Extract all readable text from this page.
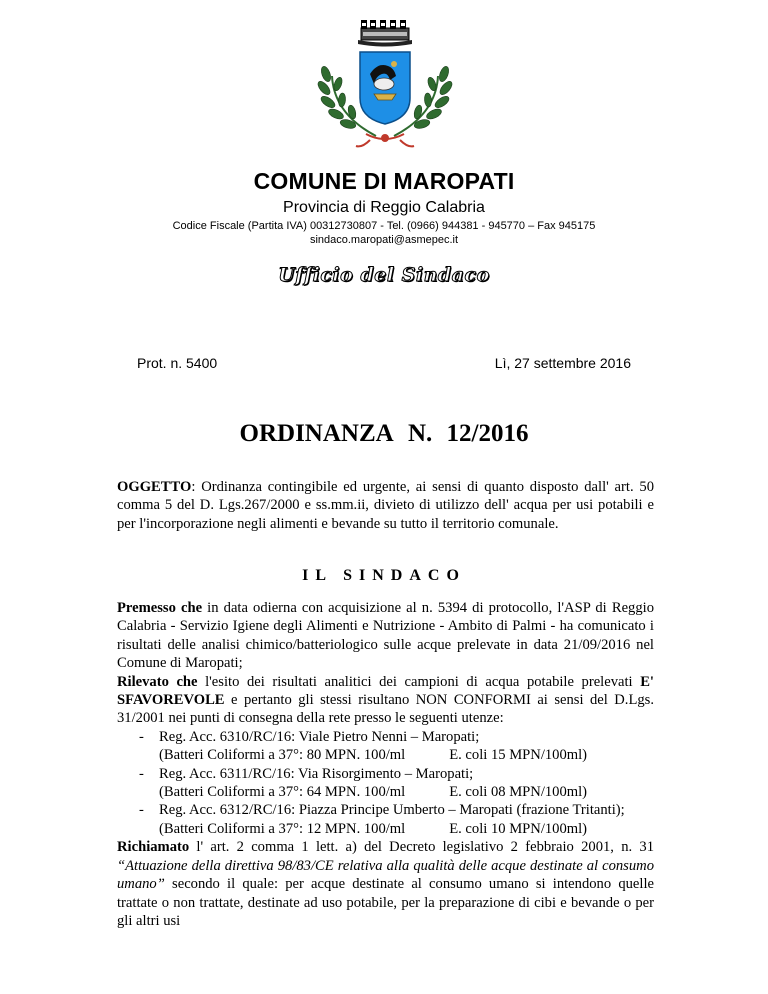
COMUNE DI MAROPATI
Provincia di Reggio Calabria
Codice Fiscale (Partita IVA) 00312730807 - Tel. (0966) 944381 - 945770 – Fax 945175
sindaco.maropati@asmepec.it
Ufficio del Sindaco
Prot. n. 5400	Lì, 27 settembre 2016
ORDINANZA N. 12/2016

OGGETTO: Ordinanza contingibile ed urgente, ai sensi di quanto disposto dall' art. 50 comma 5 del D. Lgs.267/2000 e ss.mm.ii, divieto di utilizzo dell' acqua per usi potabili e per l'incorporazione negli alimenti e bevande su tutto il territorio comunale.

IL SINDACO

Premesso che in data odierna con acquisizione al n. 5394 di protocollo, l'ASP di Reggio Calabria - Servizio Igiene degli Alimenti e Nutrizione - Ambito di Palmi - ha comunicato i risultati delle analisi chimico/batteriologico sulle acque prelevate in data 21/09/2016 nel Comune di Maropati;

Rilevato che l'esito dei risultati analitici dei campioni di acqua potabile prelevati E' SFAVOREVOLE e pertanto gli stessi risultano NON CONFORMI ai sensi del D.Lgs. 31/2001 nei punti di consegna della rete presso le seguenti utenze:

- Reg. Acc. 6310/RC/16: Viale Pietro Nenni – Maropati;
(Batteri Coliformi a 37°: 80 MPN. 100/ml	E. coli 15 MPN/100ml)
- Reg. Acc. 6311/RC/16: Via Risorgimento – Maropati;
(Batteri Coliformi a 37°: 64 MPN. 100/ml	E. coli 08 MPN/100ml)
- Reg. Acc. 6312/RC/16: Piazza Principe Umberto – Maropati (frazione Tritanti);
(Batteri Coliformi a 37°: 12 MPN. 100/ml	E. coli 10 MPN/100ml)

Richiamato l' art. 2 comma 1 lett. a) del Decreto legislativo 2 febbraio 2001, n. 31 “Attuazione della direttiva 98/83/CE relativa alla qualità delle acque destinate al consumo umano” secondo il quale: per acque destinate al consumo umano si intendono quelle trattate o non trattate, destinate ad uso potabile, per la preparazione di cibi e bevande o per gli altri usi
